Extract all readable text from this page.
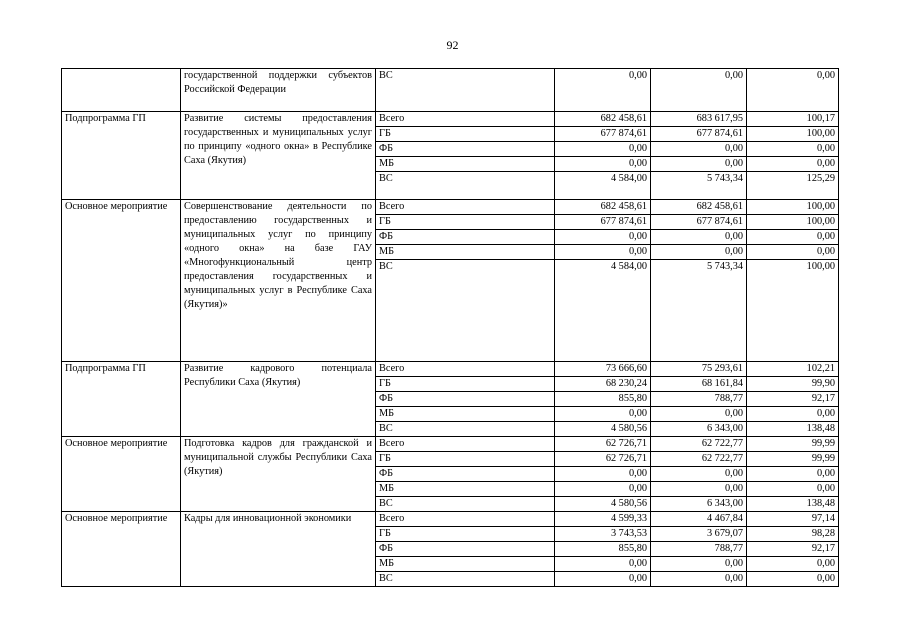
92
	государственной поддержки субъектов Российской Федерации	ВС	0,00	0,00	0,00
Подпрограмма ГП	Развитие системы предоставления государственных и муниципальных услуг по принципу «одного окна» в Республике Саха (Якутия)	Всего	682 458,61	683 617,95	100,17
		ГБ	677 874,61	677 874,61	100,00
		ФБ	0,00	0,00	0,00
		МБ	0,00	0,00	0,00
		ВС	4 584,00	5 743,34	125,29
Основное мероприятие	Совершенствование деятельности по предоставлению государственных и муниципальных услуг по принципу «одного окна» на базе ГАУ «Многофункциональный центр предоставления государственных и муниципальных услуг в Республике Саха (Якутия)»	Всего	682 458,61	682 458,61	100,00
		ГБ	677 874,61	677 874,61	100,00
		ФБ	0,00	0,00	0,00
		МБ	0,00	0,00	0,00
		ВС	4 584,00	5 743,34	100,00
Подпрограмма ГП	Развитие кадрового потенциала Республики Саха (Якутия)	Всего	73 666,60	75 293,61	102,21
		ГБ	68 230,24	68 161,84	99,90
		ФБ	855,80	788,77	92,17
		МБ	0,00	0,00	0,00
		ВС	4 580,56	6 343,00	138,48
Основное мероприятие	Подготовка кадров для гражданской и муниципальной службы Республики Саха (Якутия)	Всего	62 726,71	62 722,77	99,99
		ГБ	62 726,71	62 722,77	99,99
		ФБ	0,00	0,00	0,00
		МБ	0,00	0,00	0,00
		ВС	4 580,56	6 343,00	138,48
Основное мероприятие	Кадры для инновационной экономики	Всего	4 599,33	4 467,84	97,14
		ГБ	3 743,53	3 679,07	98,28
		ФБ	855,80	788,77	92,17
		МБ	0,00	0,00	0,00
		ВС	0,00	0,00	0,00
